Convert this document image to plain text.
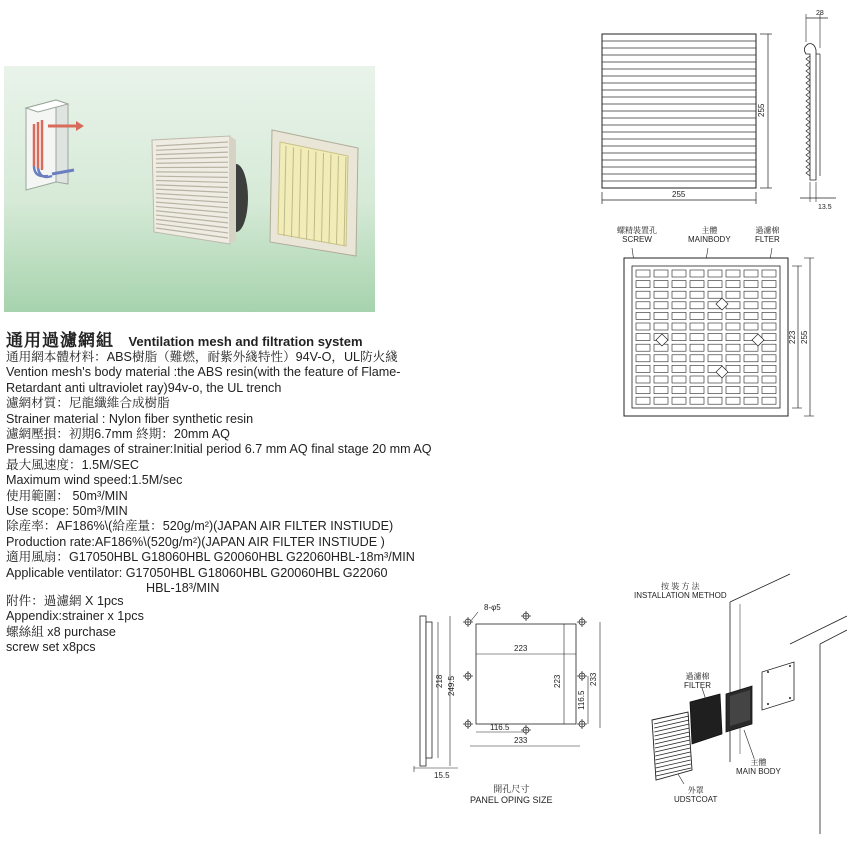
通用過濾網組 Ventilation mesh and filtration system
通用網本體材料：ABS樹脂（難燃，耐紫外綫特性）94V-O，UL防火綫
Vention mesh's body material :the ABS resin(with the feature of Flame-
Retardant anti ultraviolet ray)94v-o, the UL trench
濾網材質：尼龍纖維合成樹脂
Strainer material : Nylon fiber synthetic resin
濾網壓損：初期6.7mm 終期：20mm AQ
Pressing damages of strainer:Initial period 6.7 mm AQ final stage 20 mm AQ
最大風速度：1.5M/SEC
Maximum wind speed:1.5M/sec
使用範圍： 50m³/MIN
Use scope: 50m³/MIN
除産率：AF186%\(給産量：520g/m²)(JAPAN AIR FILTER INSTIUDE)
Production rate:AF186%\(520g/m²)(JAPAN AIR FILTER INSTIUDE )
適用風扇：G17050HBL G18060HBL G20060HBL G22060HBL-18m³/MIN
Applicable ventilator: G17050HBL G18060HBL G20060HBL G22060
HBL-18³/MIN
附件：過濾網 X 1pcs
Appendix:strainer x 1pcs
螺絲組 x8 purchase
screw set x8pcs
255
255
28
13.5
螺精裝置孔
SCREW
主體
MAINBODY
過濾棉
FLTER
223 255
8-φ5
218 249.5
15.5
223
223	233
116.5
116.5
233
開孔尺寸
PANEL OPING SIZE
按 裝 方 法
INSTALLATION METHOD
過濾棉
FILTER
主體
MAIN BODY
外罩
UDSTCOAT
